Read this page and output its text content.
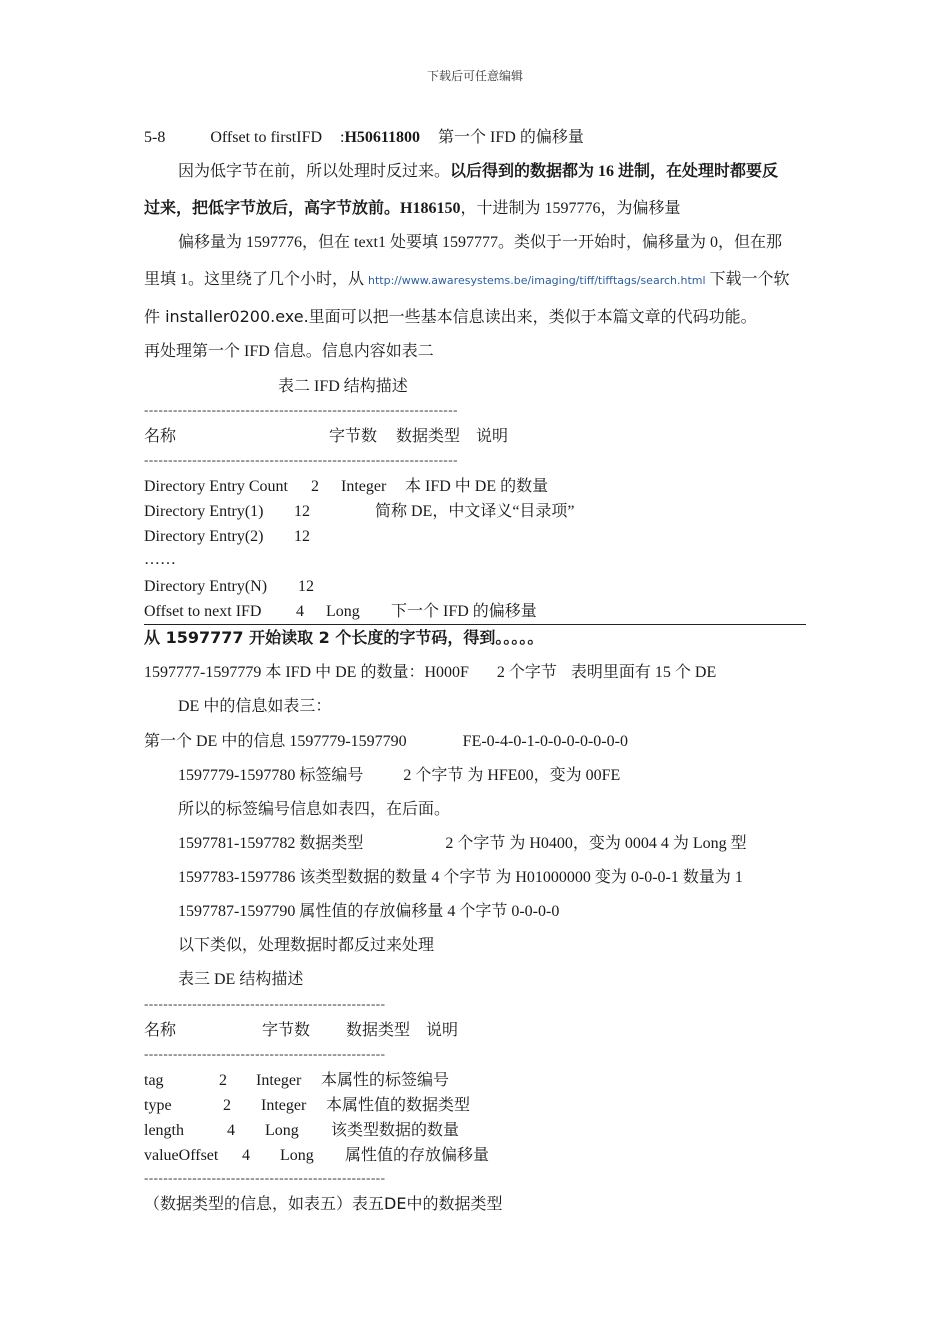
下载后可任意编辑
5-8	Offset to firstIFD :H50611800 第一个 IFD 的偏移量
因为低字节在前，所以处理时反过来。以后得到的数据都为 16 进制，在处理时都要反
过来，把低字节放后，高字节放前。H186150，十进制为 1597776，为偏移量
偏移量为 1597776，但在 text1 处要填 1597777。类似于一开始时，偏移量为 0，但在那
里填 1。这里绕了几个小时，从 http://www.awaresystems.be/imaging/tiff/tifftags/search.html 下载一个软
件 installer0200.exe.里面可以把一些基本信息读出来，类似于本篇文章的代码功能。
再处理第一个 IFD 信息。信息内容如表二
表二 IFD 结构描述
-----------------------------------------------------------------
名称	字节数 数据类型 说明
-----------------------------------------------------------------
Directory Entry Count 2 Integer 本 IFD 中 DE 的数量
Directory Entry(1) 12	简称 DE，中文译义“目录项”
Directory Entry(2) 12
……
Directory Entry(N) 12
Offset to next IFD 4 Long 下一个 IFD 的偏移量
从 1597777 开始读取 2 个长度的字节码，得到。。。。。
1597777-1597779 本 IFD 中 DE 的数量：H000F 2 个字节 表明里面有 15 个 DE
DE 中的信息如表三：
第一个 DE 中的信息 1597779-1597790	FE-0-4-0-1-0-0-0-0-0-0-0
1597779-1597780 标签编号	2 个字节 为 HFE00，变为 00FE
所以的标签编号信息如表四，在后面。
1597781-1597782 数据类型	2 个字节 为 H0400，变为 0004 4 为 Long 型
1597783-1597786 该类型数据的数量 4 个字节 为 H01000000 变为 0-0-0-1 数量为 1
1597787-1597790 属性值的存放偏移量 4 个字节 0-0-0-0
以下类似，处理数据时都反过来处理
表三 DE 结构描述
--------------------------------------------------
名称	字节数 数据类型 说明
--------------------------------------------------
tag	2 Integer 本属性的标签编号
type	2 Integer 本属性值的数据类型
length	4 Long 该类型数据的数量
valueOffset 4 Long 属性值的存放偏移量
--------------------------------------------------
（数据类型的信息，如表五）表五DE中的数据类型
